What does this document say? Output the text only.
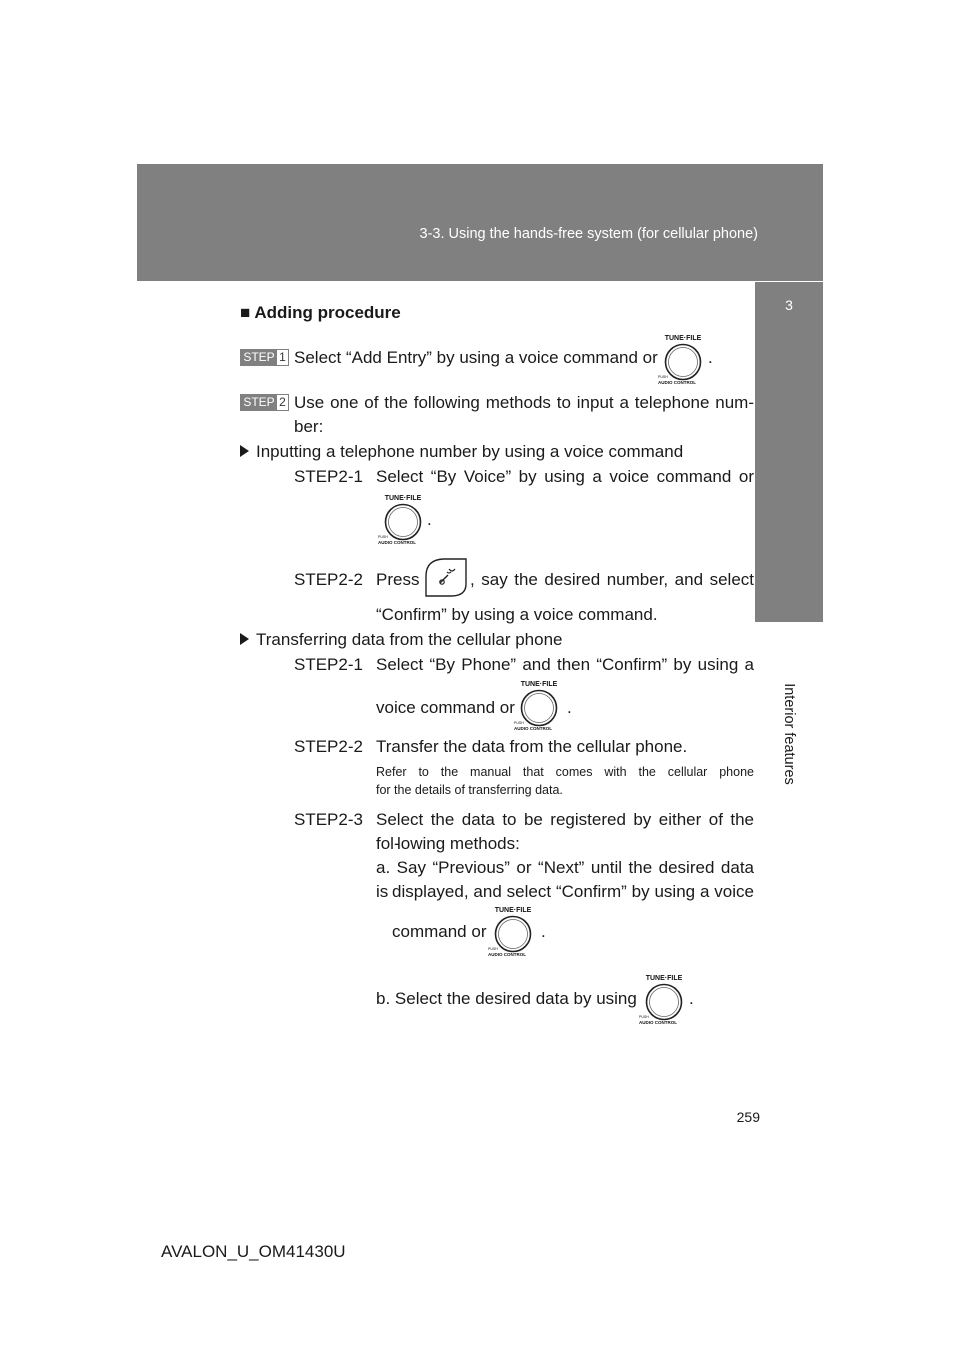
3-3. Using the hands-free system (for cellular phone)
3
Interior features
■ Adding procedure
STEP 1 Select “Add Entry” by using a voice command or
TUNE·FILE
PUSH
AUDIO CONTROL
.
STEP 2 Use one of the following methods to input a telephone num-
ber:
Inputting a telephone number by using a voice command
STEP2-1 Select “By Voice” by using a voice command or
TUNE·FILE
PUSH
AUDIO CONTROL
.
STEP2-2 Press	, say the desired number, and select
“Confirm” by using a voice command.
Transferring data from the cellular phone
STEP2-1 Select “By Phone” and then “Confirm” by using a
voice command or
TUNE·FILE
PUSH
AUDIO CONTROL
.
STEP2-2 Transfer the data from the cellular phone.
Refer to the manual that comes with the cellular phone
for the details of transferring data.
STEP2-3 Select the data to be registered by either of the fol-
lowing methods:
a. Say “Previous” or “Next” until the desired data is displayed, and select “Confirm” by using a voice
command or
TUNE·FILE
PUSH
AUDIO CONTROL
.
b. Select the desired data by using
TUNE·FILE
PUSH
AUDIO CONTROL
.
259
AVALON_U_OM41430U
